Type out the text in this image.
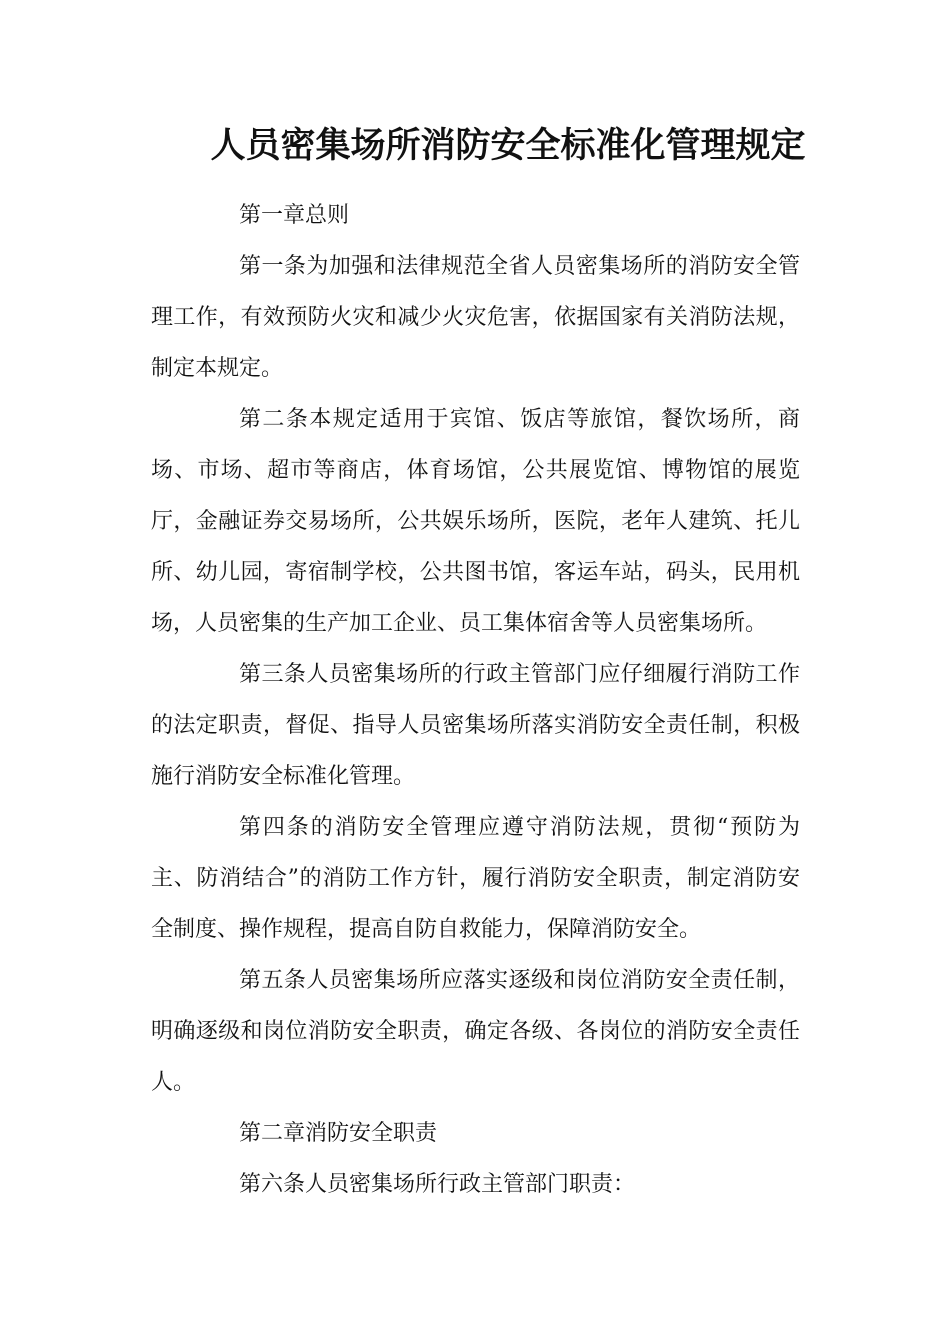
人员密集场所消防安全标准化管理规定

第一章总则

第一条为加强和法律规范全省人员密集场所的消防安全管理工作，有效预防火灾和减少火灾危害，依据国家有关消防法规，制定本规定。

第二条本规定适用于宾馆、饭店等旅馆，餐饮场所，商场、市场、超市等商店，体育场馆，公共展览馆、博物馆的展览厅，金融证券交易场所，公共娱乐场所，医院，老年人建筑、托儿所、幼儿园，寄宿制学校，公共图书馆，客运车站，码头，民用机场，人员密集的生产加工企业、员工集体宿舍等人员密集场所。

第三条人员密集场所的行政主管部门应仔细履行消防工作的法定职责，督促、指导人员密集场所落实消防安全责任制，积极施行消防安全标准化管理。

第四条的消防安全管理应遵守消防法规，贯彻“预防为主、防消结合”的消防工作方针，履行消防安全职责，制定消防安全制度、操作规程，提高自防自救能力，保障消防安全。

第五条人员密集场所应落实逐级和岗位消防安全责任制，明确逐级和岗位消防安全职责，确定各级、各岗位的消防安全责任人。

第二章消防安全职责

第六条人员密集场所行政主管部门职责：
